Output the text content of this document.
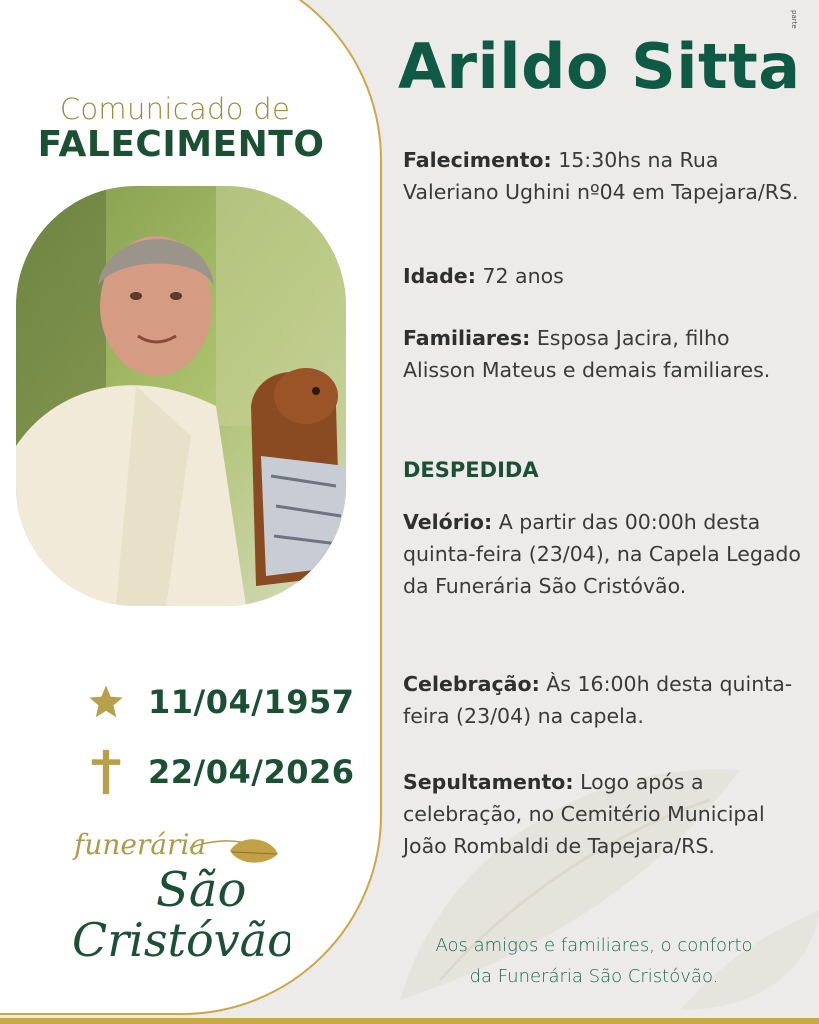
Comunicado de
FALECIMENTO
11/04/1957
22/04/2026
funerária
São
Cristóvão
parte
Arildo Sitta
Falecimento: 15:30hs na Rua Valeriano Ughini nº04 em Tapejara/RS.
Idade: 72 anos
Familiares: Esposa Jacira, filho Alisson Mateus e demais familiares.
DESPEDIDA
Velório: A partir das 00:00h desta quinta-feira (23/04), na Capela Legado da Funerária São Cristóvão.
Celebração: Às 16:00h desta quinta-feira (23/04) na capela.
Sepultamento: Logo após a celebração, no Cemitério Municipal João Rombaldi de Tapejara/RS.
Aos amigos e familiares, o conforto
da Funerária São Cristóvão.
